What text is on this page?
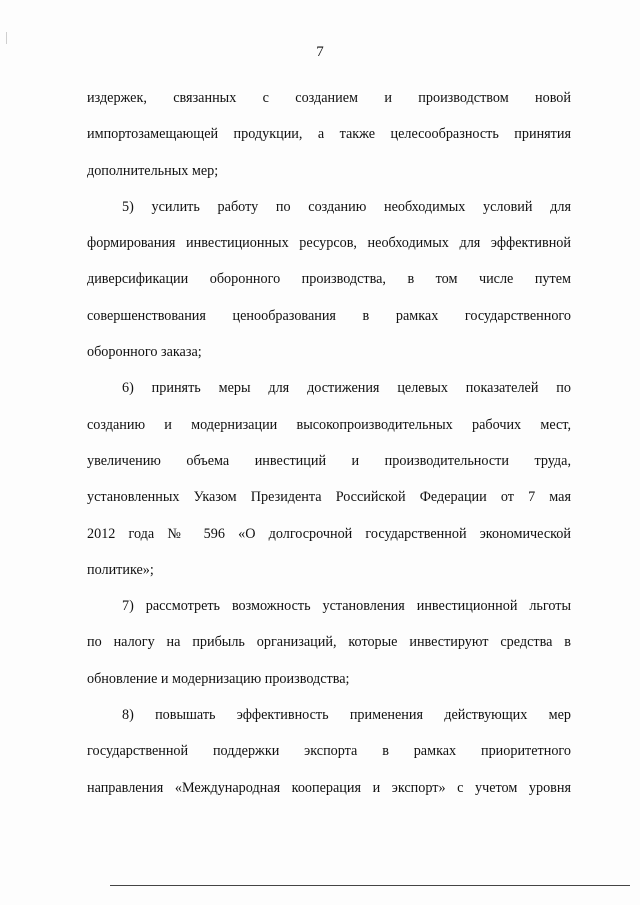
7

издержек, связанных с созданием и производством новой
импортозамещающей продукции, а также целесообразность принятия
дополнительных мер;

5) усилить работу по созданию необходимых условий для
формирования инвестиционных ресурсов, необходимых для эффективной
диверсификации оборонного производства, в том числе путем
совершенствования ценообразования в рамках государственного
оборонного заказа;

6) принять меры для достижения целевых показателей по
созданию и модернизации высокопроизводительных рабочих мест,
увеличению объема инвестиций и производительности труда,
установленных Указом Президента Российской Федерации от 7 мая
2012 года № 596 «О долгосрочной государственной экономической
политике»;

7) рассмотреть возможность установления инвестиционной льготы
по налогу на прибыль организаций, которые инвестируют средства в
обновление и модернизацию производства;

8) повышать эффективность применения действующих мер
государственной поддержки экспорта в рамках приоритетного
направления «Международная кооперация и экспорт» с учетом уровня
